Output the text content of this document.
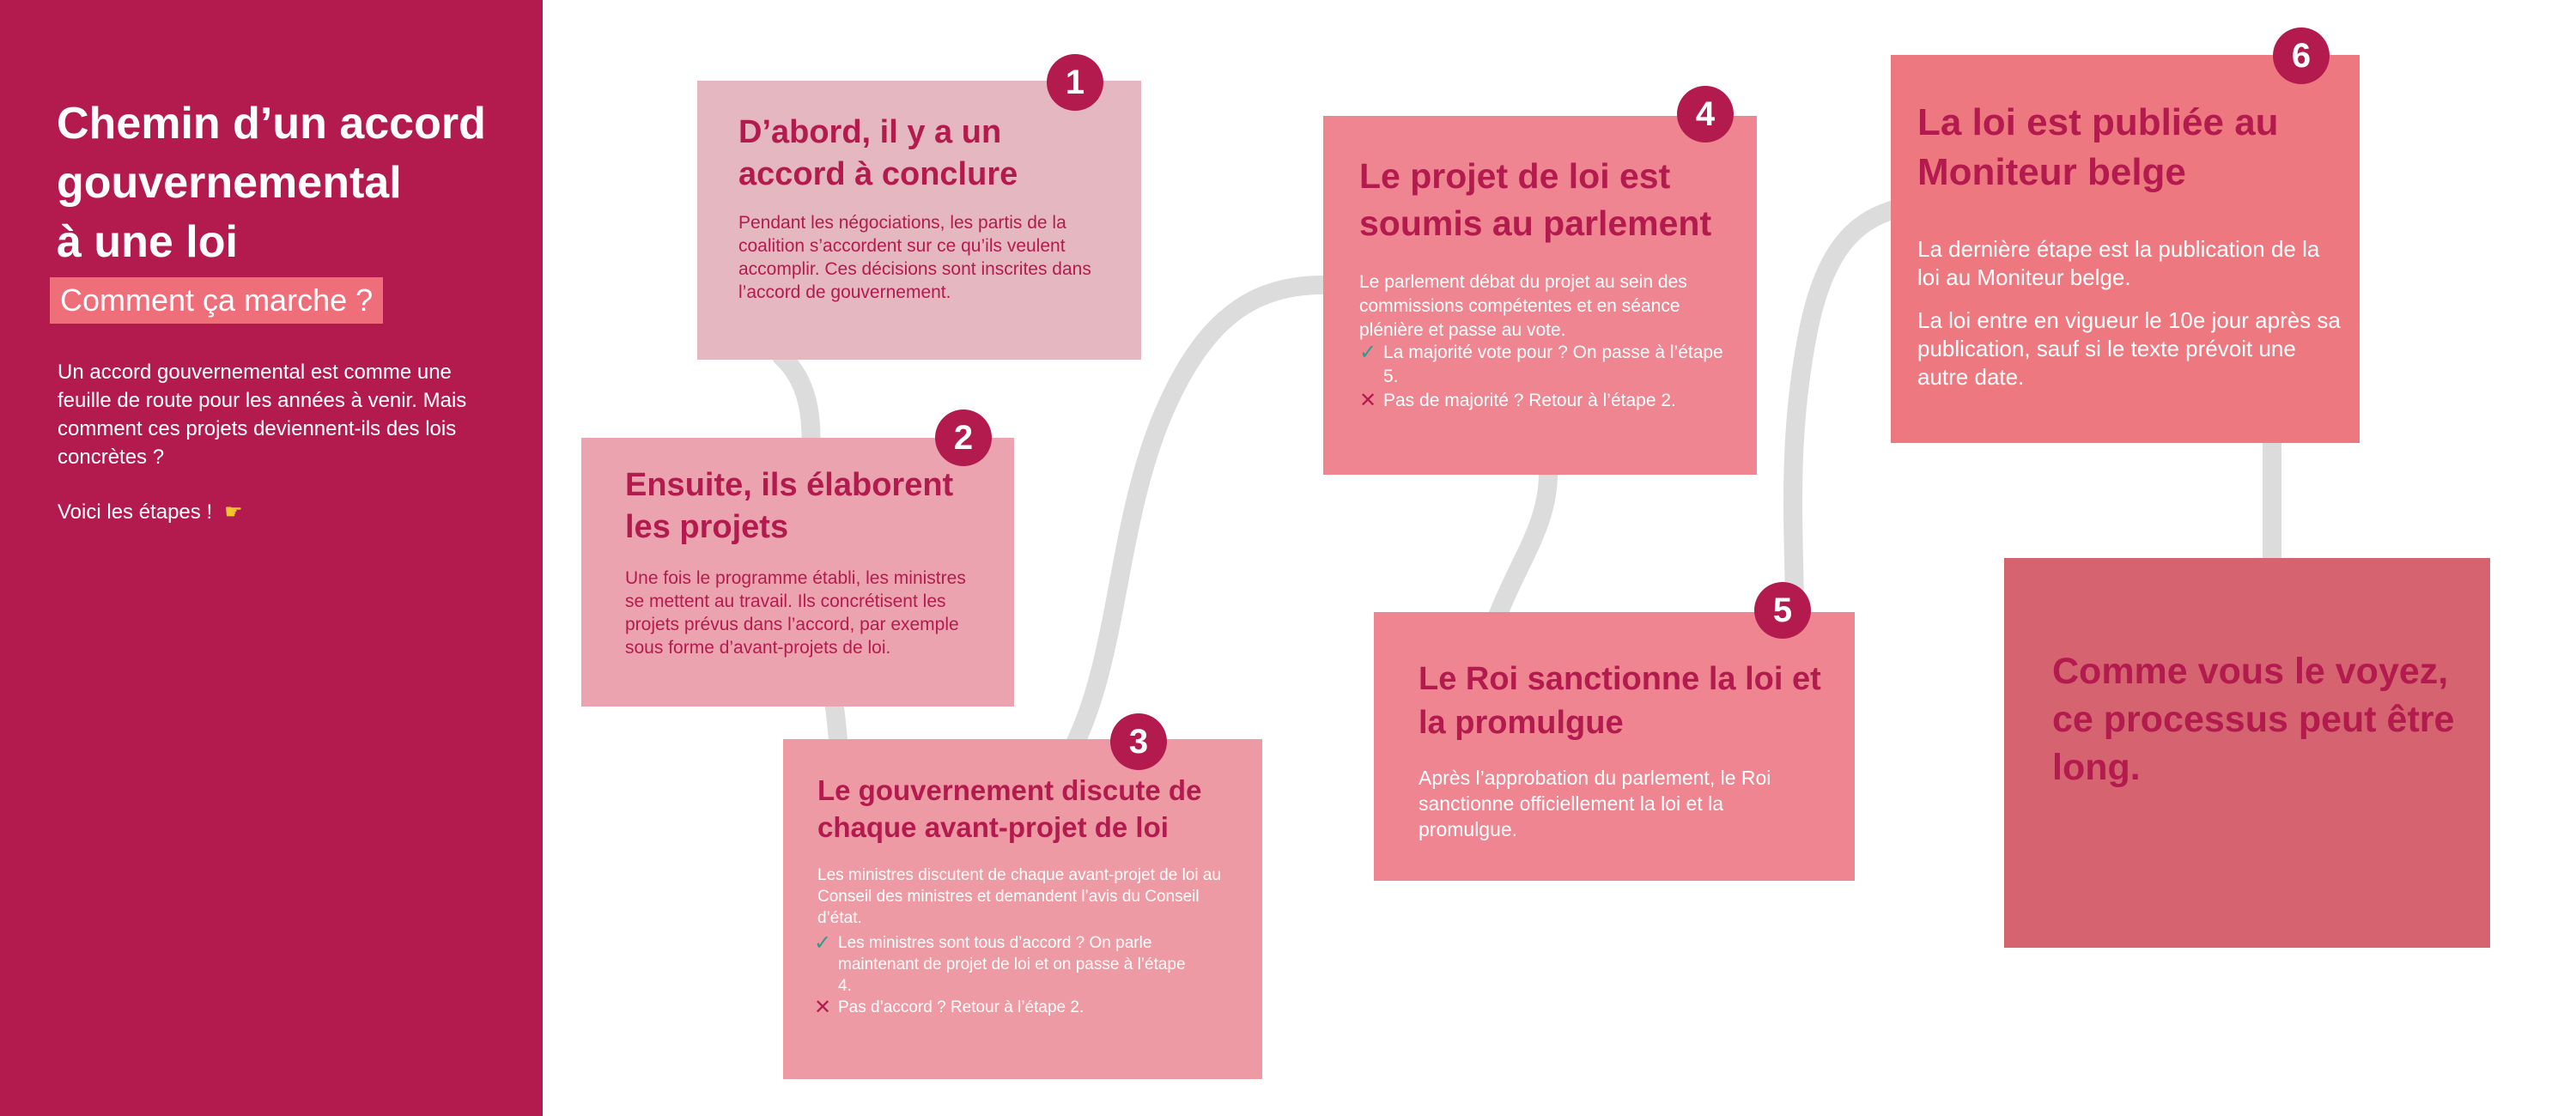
Chemin d’un accord
gouvernemental
à une loi
Comment ça marche ?

Un accord gouvernemental est comme une feuille de route pour les années à venir. Mais comment ces projets deviennent-ils des lois concrètes ?

Voici les étapes ! ☛

1
D’abord, il y a un accord à conclure

Pendant les négociations, les partis de la coalition s’accordent sur ce qu’ils veulent accomplir. Ces décisions sont inscrites dans l’accord de gouvernement.

2
Ensuite, ils élaborent les projets

Une fois le programme établi, les ministres se mettent au travail. Ils concrétisent les projets prévus dans l’accord, par exemple sous forme d’avant-projets de loi.

3
Le gouvernement discute de chaque avant-projet de loi

Les ministres discutent de chaque avant-projet de loi au Conseil des ministres et demandent l’avis du Conseil d’état.

✓ Les ministres sont tous d’accord ? On parle maintenant de projet de loi et on passe à l’étape 4.
✕ Pas d’accord ? Retour à l’étape 2.
4
Le projet de loi est soumis au parlement

Le parlement débat du projet au sein des commissions compétentes et en séance plénière et passe au vote.

✓ La majorité vote pour ? On passe à l’étape 5.
✕ Pas de majorité ? Retour à l’étape 2.
5
Le Roi sanctionne la loi et la promulgue

Après l’approbation du parlement, le Roi sanctionne officiellement la loi et la promulgue.

6
La loi est publiée au Moniteur belge

La dernière étape est la publication de la loi au Moniteur belge.

La loi entre en vigueur le 10e jour après sa publication, sauf si le texte prévoit une autre date.

Comme vous le voyez, ce processus peut être long.
